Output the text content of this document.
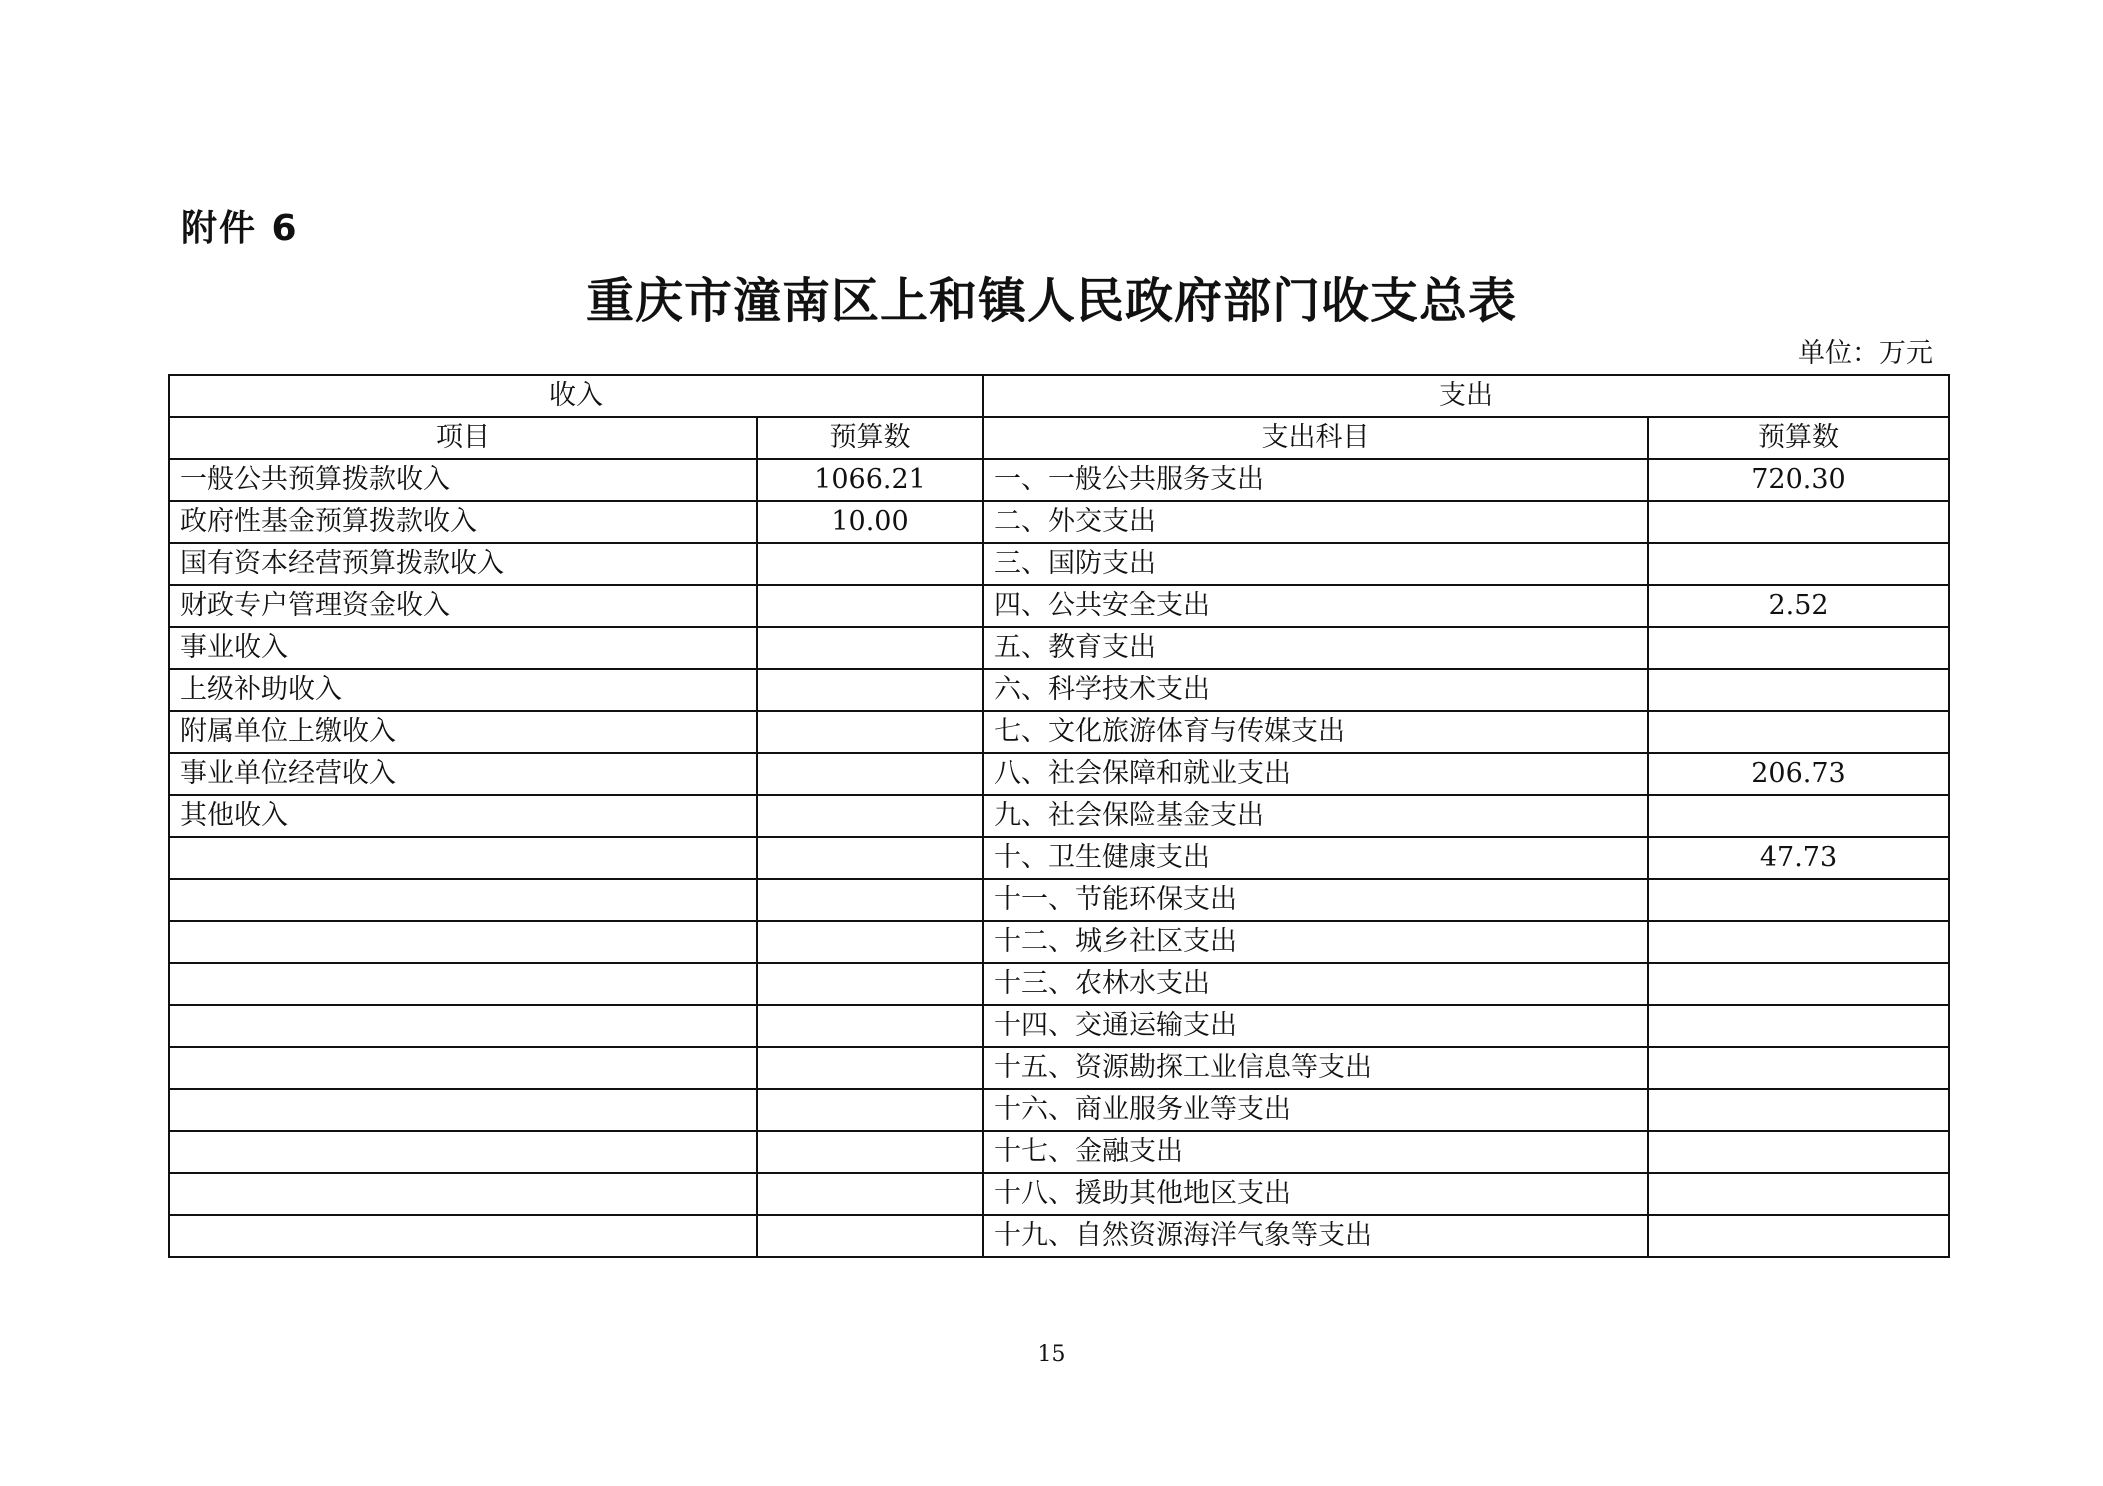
附件 6
重庆市潼南区上和镇人民政府部门收支总表
单位：万元
收入		支出	
项目	预算数	支出科目	预算数
一般公共预算拨款收入	1066.21	一、一般公共服务支出	720.30
政府性基金预算拨款收入	10.00	二、外交支出	
国有资本经营预算拨款收入		三、国防支出	
财政专户管理资金收入		四、公共安全支出	2.52
事业收入		五、教育支出	
上级补助收入		六、科学技术支出	
附属单位上缴收入		七、文化旅游体育与传媒支出	
事业单位经营收入		八、社会保障和就业支出	206.73
其他收入		九、社会保险基金支出	
		十、卫生健康支出	47.73
		十一、节能环保支出	
		十二、城乡社区支出	
		十三、农林水支出	
		十四、交通运输支出	
		十五、资源勘探工业信息等支出	
		十六、商业服务业等支出	
		十七、金融支出	
		十八、援助其他地区支出	
		十九、自然资源海洋气象等支出	
15
